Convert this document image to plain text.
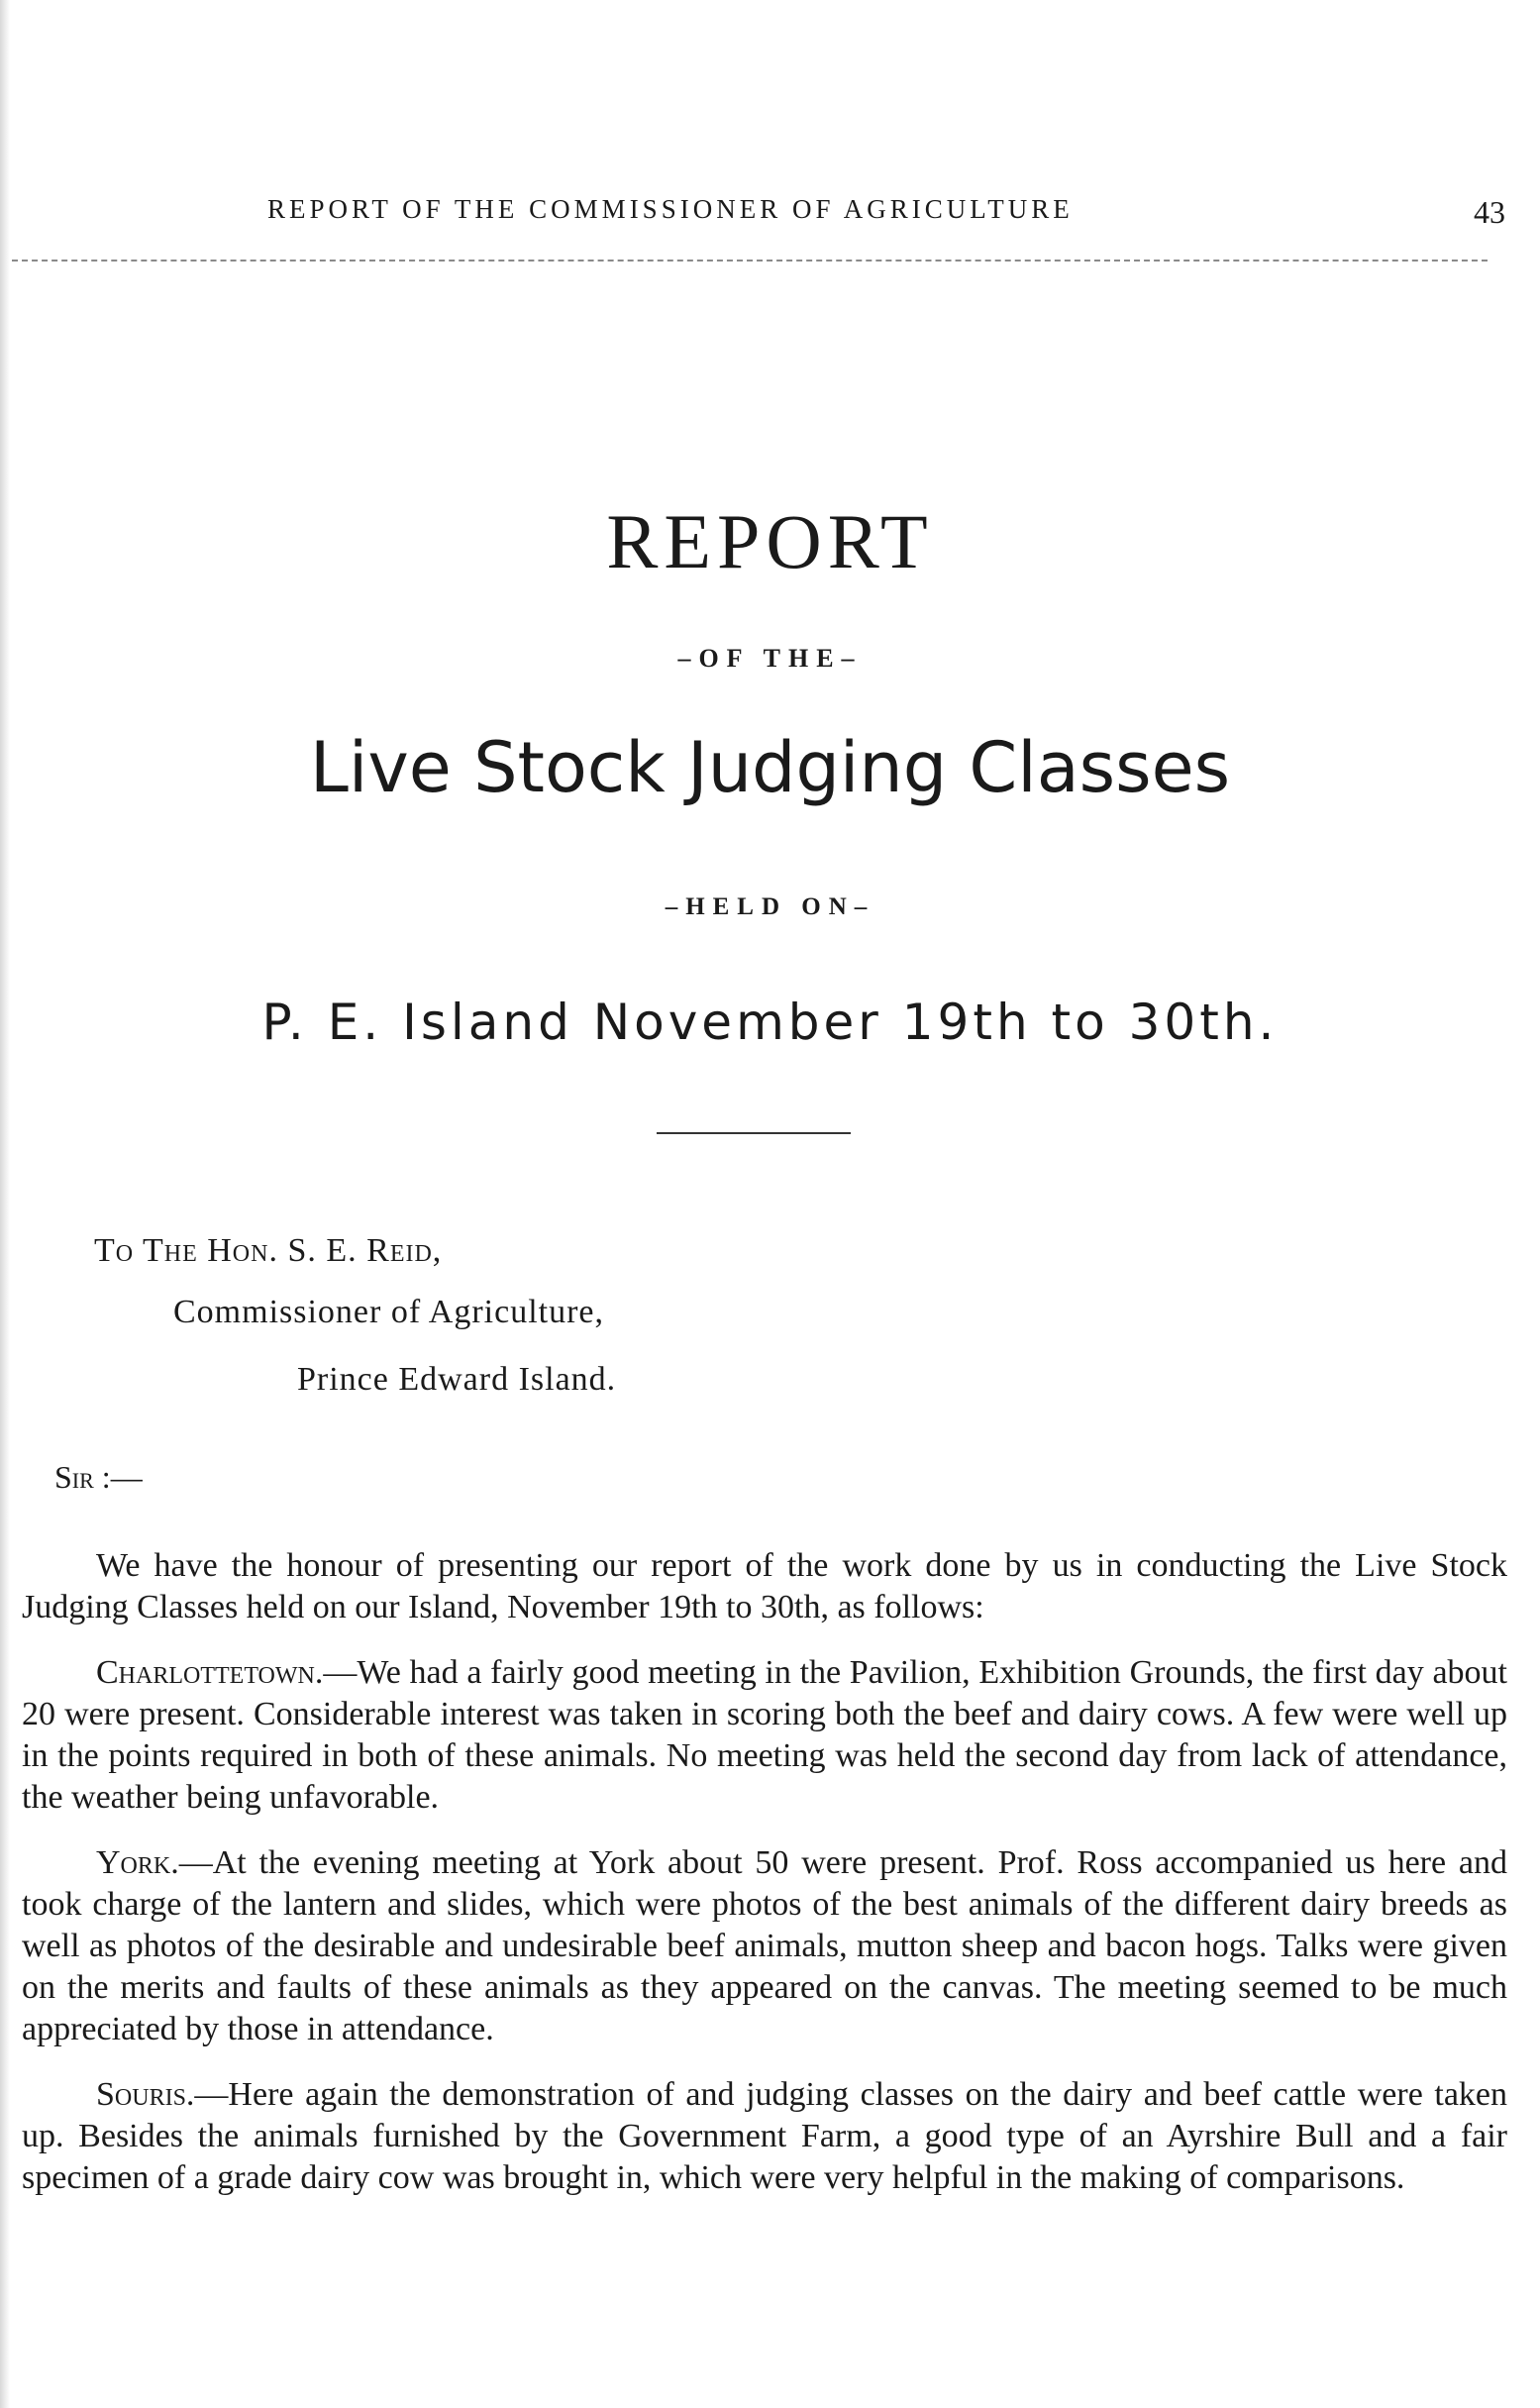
REPORT OF THE COMMISSIONER OF AGRICULTURE	43
REPORT
–OF THE–
Live Stock Judging Classes
–HELD ON–
P. E. Island November 19th to 30th.
To The Hon. S. E. Reid,
Commissioner of Agriculture,
Prince Edward Island.
Sir :—

We have the honour of presenting our report of the work done by us in conducting the Live Stock Judging Classes held on our Island, November 19th to 30th, as follows:

Charlottetown.—We had a fairly good meeting in the Pavilion, Exhibition Grounds, the first day about 20 were present. Considerable interest was taken in scoring both the beef and dairy cows. A few were well up in the points required in both of these animals. No meeting was held the second day from lack of attendance, the weather being unfavorable.

York.—At the evening meeting at York about 50 were present. Prof. Ross accompanied us here and took charge of the lantern and slides, which were photos of the best animals of the different dairy breeds as well as photos of the desirable and undesirable beef animals, mutton sheep and bacon hogs. Talks were given on the merits and faults of these animals as they appeared on the canvas. The meeting seemed to be much appreciated by those in attendance.

Souris.—Here again the demonstration of and judging classes on the dairy and beef cattle were taken up. Besides the animals furnished by the Government Farm, a good type of an Ayrshire Bull and a fair specimen of a grade dairy cow was brought in, which were very helpful in the making of comparisons.
